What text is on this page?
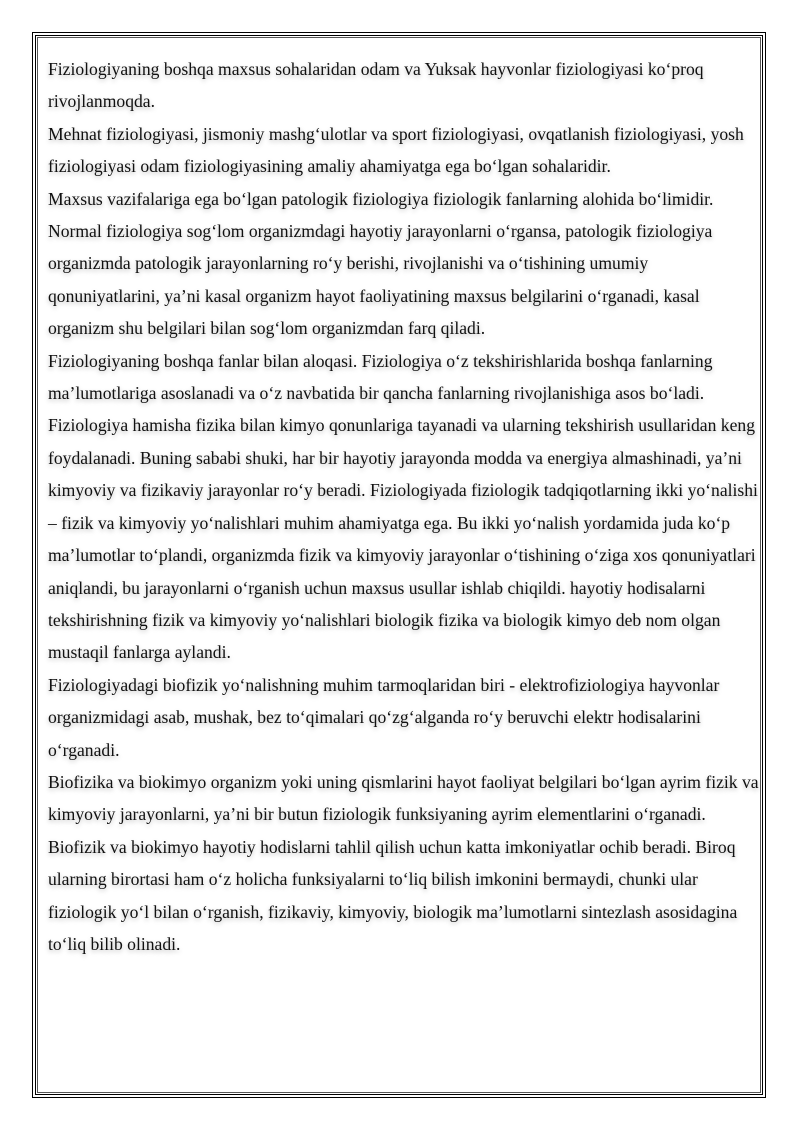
Fiziologiyaning boshqa maxsus sohalaridan odam va Yuksak hayvonlar fiziologiyasi ko‘proq rivojlanmoqda.

Mehnat fiziologiyasi, jismoniy mashg‘ulotlar va sport fiziologiyasi, ovqatlanish fiziologiyasi, yosh fiziologiyasi odam fiziologiyasining amaliy ahamiyatga ega bo‘lgan sohalaridir.

Maxsus vazifalariga ega bo‘lgan patologik fiziologiya fiziologik fanlarning alohida bo‘limidir. Normal fiziologiya sog‘lom organizmdagi hayotiy jarayonlarni o‘rgansa, patologik fiziologiya organizmda patologik jarayonlarning ro‘y berishi, rivojlanishi va o‘tishining umumiy qonuniyatlarini, ya’ni kasal organizm hayot faoliyatining maxsus belgilarini o‘rganadi, kasal organizm shu belgilari bilan sog‘lom organizmdan farq qiladi.

Fiziologiyaning boshqa fanlar bilan aloqasi. Fiziologiya o‘z tekshirishlarida boshqa fanlarning ma’lumotlariga asoslanadi va o‘z navbatida bir qancha fanlarning rivojlanishiga asos bo‘ladi.

Fiziologiya hamisha fizika bilan kimyo qonunlariga tayanadi va ularning tekshirish usullaridan keng foydalanadi. Buning sababi shuki, har bir hayotiy jarayonda modda va energiya almashinadi, ya’ni kimyoviy va fizikaviy jarayonlar ro‘y beradi. Fiziologiyada fiziologik tadqiqotlarning ikki yo‘nalishi – fizik va kimyoviy yo‘nalishlari muhim ahamiyatga ega. Bu ikki yo‘nalish yordamida juda ko‘p ma’lumotlar to‘plandi, organizmda fizik va kimyoviy jarayonlar o‘tishining o‘ziga xos qonuniyatlari aniqlandi, bu jarayonlarni o‘rganish uchun maxsus usullar ishlab chiqildi. hayotiy hodisalarni tekshirishning fizik va kimyoviy yo‘nalishlari biologik fizika va biologik kimyo deb nom olgan mustaqil fanlarga aylandi.

Fiziologiyadagi biofizik yo‘nalishning muhim tarmoqlaridan biri - elektrofiziologiya hayvonlar organizmidagi asab, mushak, bez to‘qimalari qo‘zg‘alganda ro‘y beruvchi elektr hodisalarini o‘rganadi.

Biofizika va biokimyo organizm yoki uning qismlarini hayot faoliyat belgilari bo‘lgan ayrim fizik va kimyoviy jarayonlarni, ya’ni bir butun fiziologik funksiyaning ayrim elementlarini o‘rganadi. Biofizik va biokimyo hayotiy hodislarni tahlil qilish uchun katta imkoniyatlar ochib beradi. Biroq ularning birortasi ham o‘z holicha funksiyalarni to‘liq bilish imkonini bermaydi, chunki ular fiziologik yo‘l bilan o‘rganish, fizikaviy, kimyoviy, biologik ma’lumotlarni sintezlash asosidagina to‘liq bilib olinadi.
